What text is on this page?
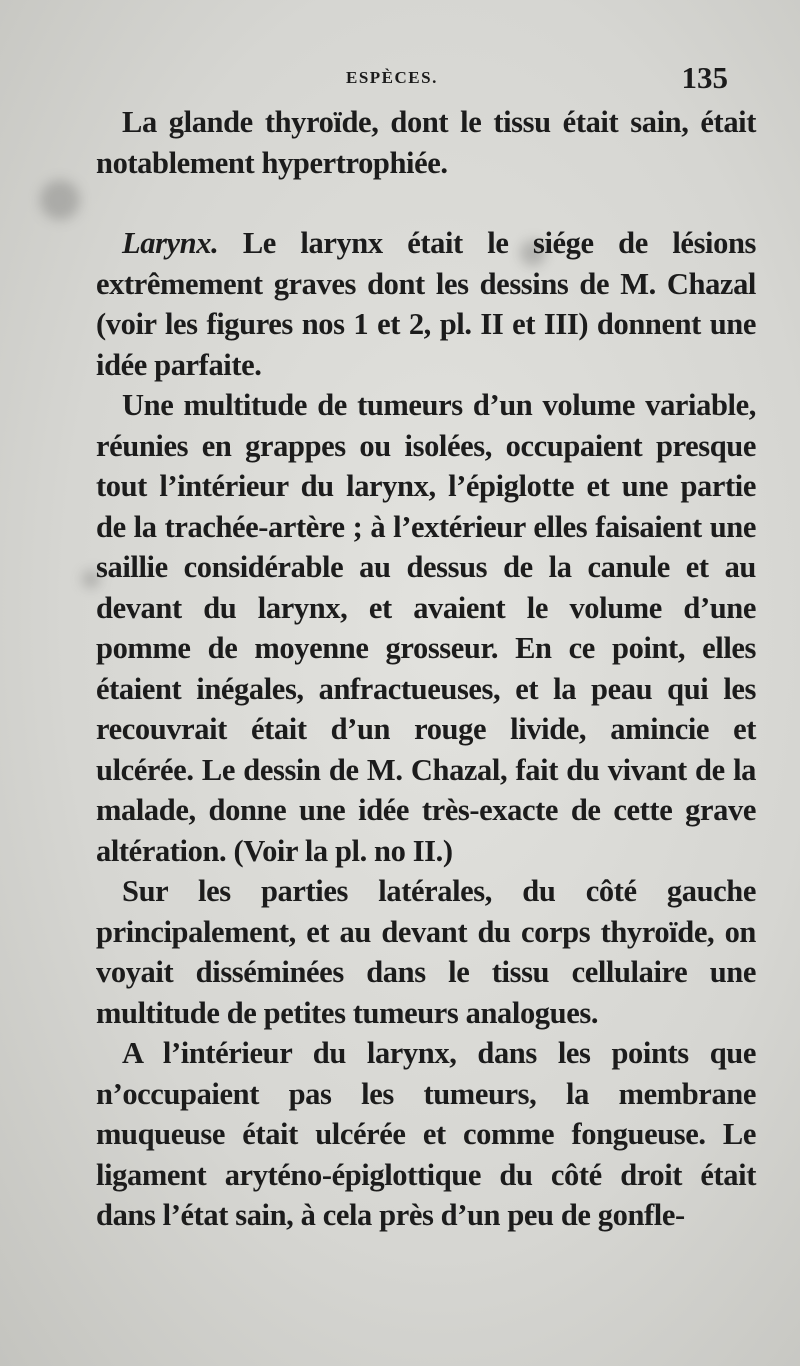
ESPÈCES.	135

La glande thyroïde, dont le tissu était sain, était notablement hypertrophiée.

Larynx. Le larynx était le siége de lésions extrêmement graves dont les dessins de M. Chazal (voir les figures nos 1 et 2, pl. II et III) donnent une idée parfaite.

Une multitude de tumeurs d’un volume variable, réunies en grappes ou isolées, occupaient presque tout l’intérieur du larynx, l’épiglotte et une partie de la trachée-artère ; à l’extérieur elles faisaient une saillie considérable au dessus de la canule et au devant du larynx, et avaient le volume d’une pomme de moyenne grosseur. En ce point, elles étaient inégales, anfractueuses, et la peau qui les recouvrait était d’un rouge livide, amincie et ulcérée. Le dessin de M. Chazal, fait du vivant de la malade, donne une idée très-exacte de cette grave altération. (Voir la pl. no II.)

Sur les parties latérales, du côté gauche principalement, et au devant du corps thyroïde, on voyait disséminées dans le tissu cellulaire une multitude de petites tumeurs analogues.

A l’intérieur du larynx, dans les points que n’occupaient pas les tumeurs, la membrane muqueuse était ulcérée et comme fongueuse. Le ligament aryténo-épiglottique du côté droit était dans l’état sain, à cela près d’un peu de gonfle-
